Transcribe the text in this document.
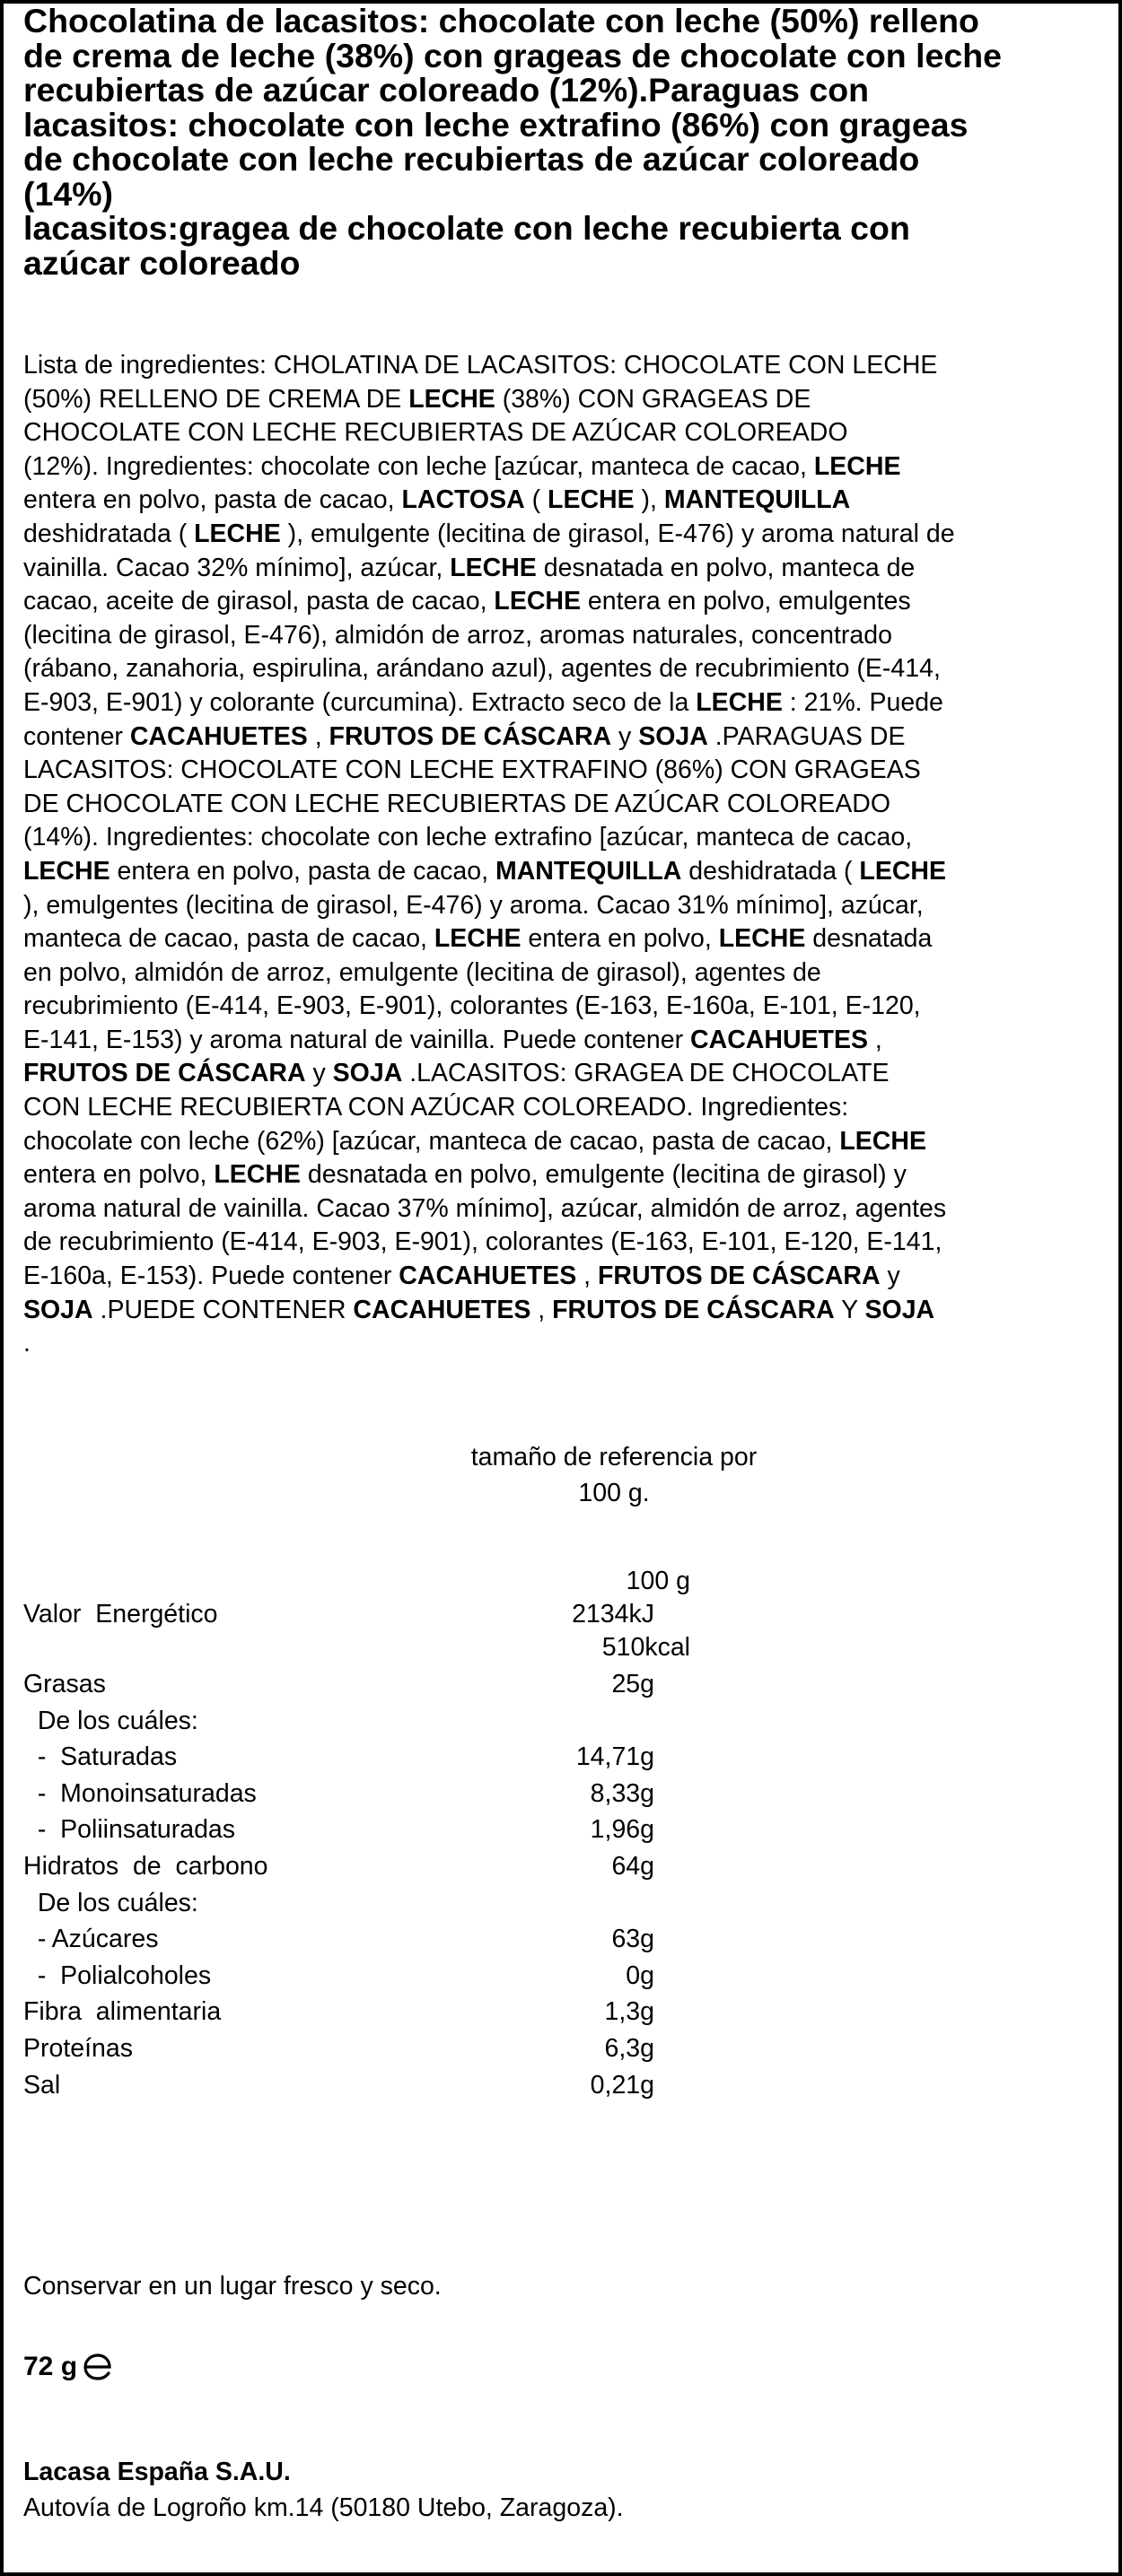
Chocolatina de lacasitos: chocolate con leche (50%) relleno
de crema de leche (38%) con grageas de chocolate con leche
recubiertas de azúcar coloreado (12%).Paraguas con
lacasitos: chocolate con leche extrafino (86%) con grageas
de chocolate con leche recubiertas de azúcar coloreado
(14%)
lacasitos:gragea de chocolate con leche recubierta con
azúcar coloreado
Lista de ingredientes: CHOLATINA DE LACASITOS: CHOCOLATE CON LECHE
(50%) RELLENO DE CREMA DE LECHE (38%) CON GRAGEAS DE
CHOCOLATE CON LECHE RECUBIERTAS DE AZÚCAR COLOREADO
(12%). Ingredientes: chocolate con leche [azúcar, manteca de cacao, LECHE
entera en polvo, pasta de cacao, LACTOSA ( LECHE ), MANTEQUILLA
deshidratada ( LECHE ), emulgente (lecitina de girasol, E-476) y aroma natural de
vainilla. Cacao 32% mínimo], azúcar, LECHE desnatada en polvo, manteca de
cacao, aceite de girasol, pasta de cacao, LECHE entera en polvo, emulgentes
(lecitina de girasol, E-476), almidón de arroz, aromas naturales, concentrado
(rábano, zanahoria, espirulina, arándano azul), agentes de recubrimiento (E-414,
E-903, E-901) y colorante (curcumina). Extracto seco de la LECHE : 21%. Puede
contener CACAHUETES , FRUTOS DE CÁSCARA y SOJA .PARAGUAS DE
LACASITOS: CHOCOLATE CON LECHE EXTRAFINO (86%) CON GRAGEAS
DE CHOCOLATE CON LECHE RECUBIERTAS DE AZÚCAR COLOREADO
(14%). Ingredientes: chocolate con leche extrafino [azúcar, manteca de cacao,
LECHE entera en polvo, pasta de cacao, MANTEQUILLA deshidratada ( LECHE
), emulgentes (lecitina de girasol, E-476) y aroma. Cacao 31% mínimo], azúcar,
manteca de cacao, pasta de cacao, LECHE entera en polvo, LECHE desnatada
en polvo, almidón de arroz, emulgente (lecitina de girasol), agentes de
recubrimiento (E-414, E-903, E-901), colorantes (E-163, E-160a, E-101, E-120,
E-141, E-153) y aroma natural de vainilla. Puede contener CACAHUETES ,
FRUTOS DE CÁSCARA y SOJA .LACASITOS: GRAGEA DE CHOCOLATE
CON LECHE RECUBIERTA CON AZÚCAR COLOREADO. Ingredientes:
chocolate con leche (62%) [azúcar, manteca de cacao, pasta de cacao, LECHE
entera en polvo, LECHE desnatada en polvo, emulgente (lecitina de girasol) y
aroma natural de vainilla. Cacao 37% mínimo], azúcar, almidón de arroz, agentes
de recubrimiento (E-414, E-903, E-901), colorantes (E-163, E-101, E-120, E-141,
E-160a, E-153). Puede contener CACAHUETES , FRUTOS DE CÁSCARA y
SOJA .PUEDE CONTENER CACAHUETES , FRUTOS DE CÁSCARA Y SOJA
.
tamaño de referencia por
100 g.
100 g
Valor  Energético	2134kJ
510kcal
Grasas	25g
De los cuáles:
-  Saturadas	14,71g
-  Monoinsaturadas	8,33g
-  Poliinsaturadas	1,96g
Hidratos  de  carbono	64g
De los cuáles:
- Azúcares	63g
-  Polialcoholes	0g
Fibra  alimentaria	1,3g
Proteínas	6,3g
Sal	0,21g
Conservar en un lugar fresco y seco.
72 g
Lacasa España S.A.U.
Autovía de Logroño km.14 (50180 Utebo, Zaragoza).
